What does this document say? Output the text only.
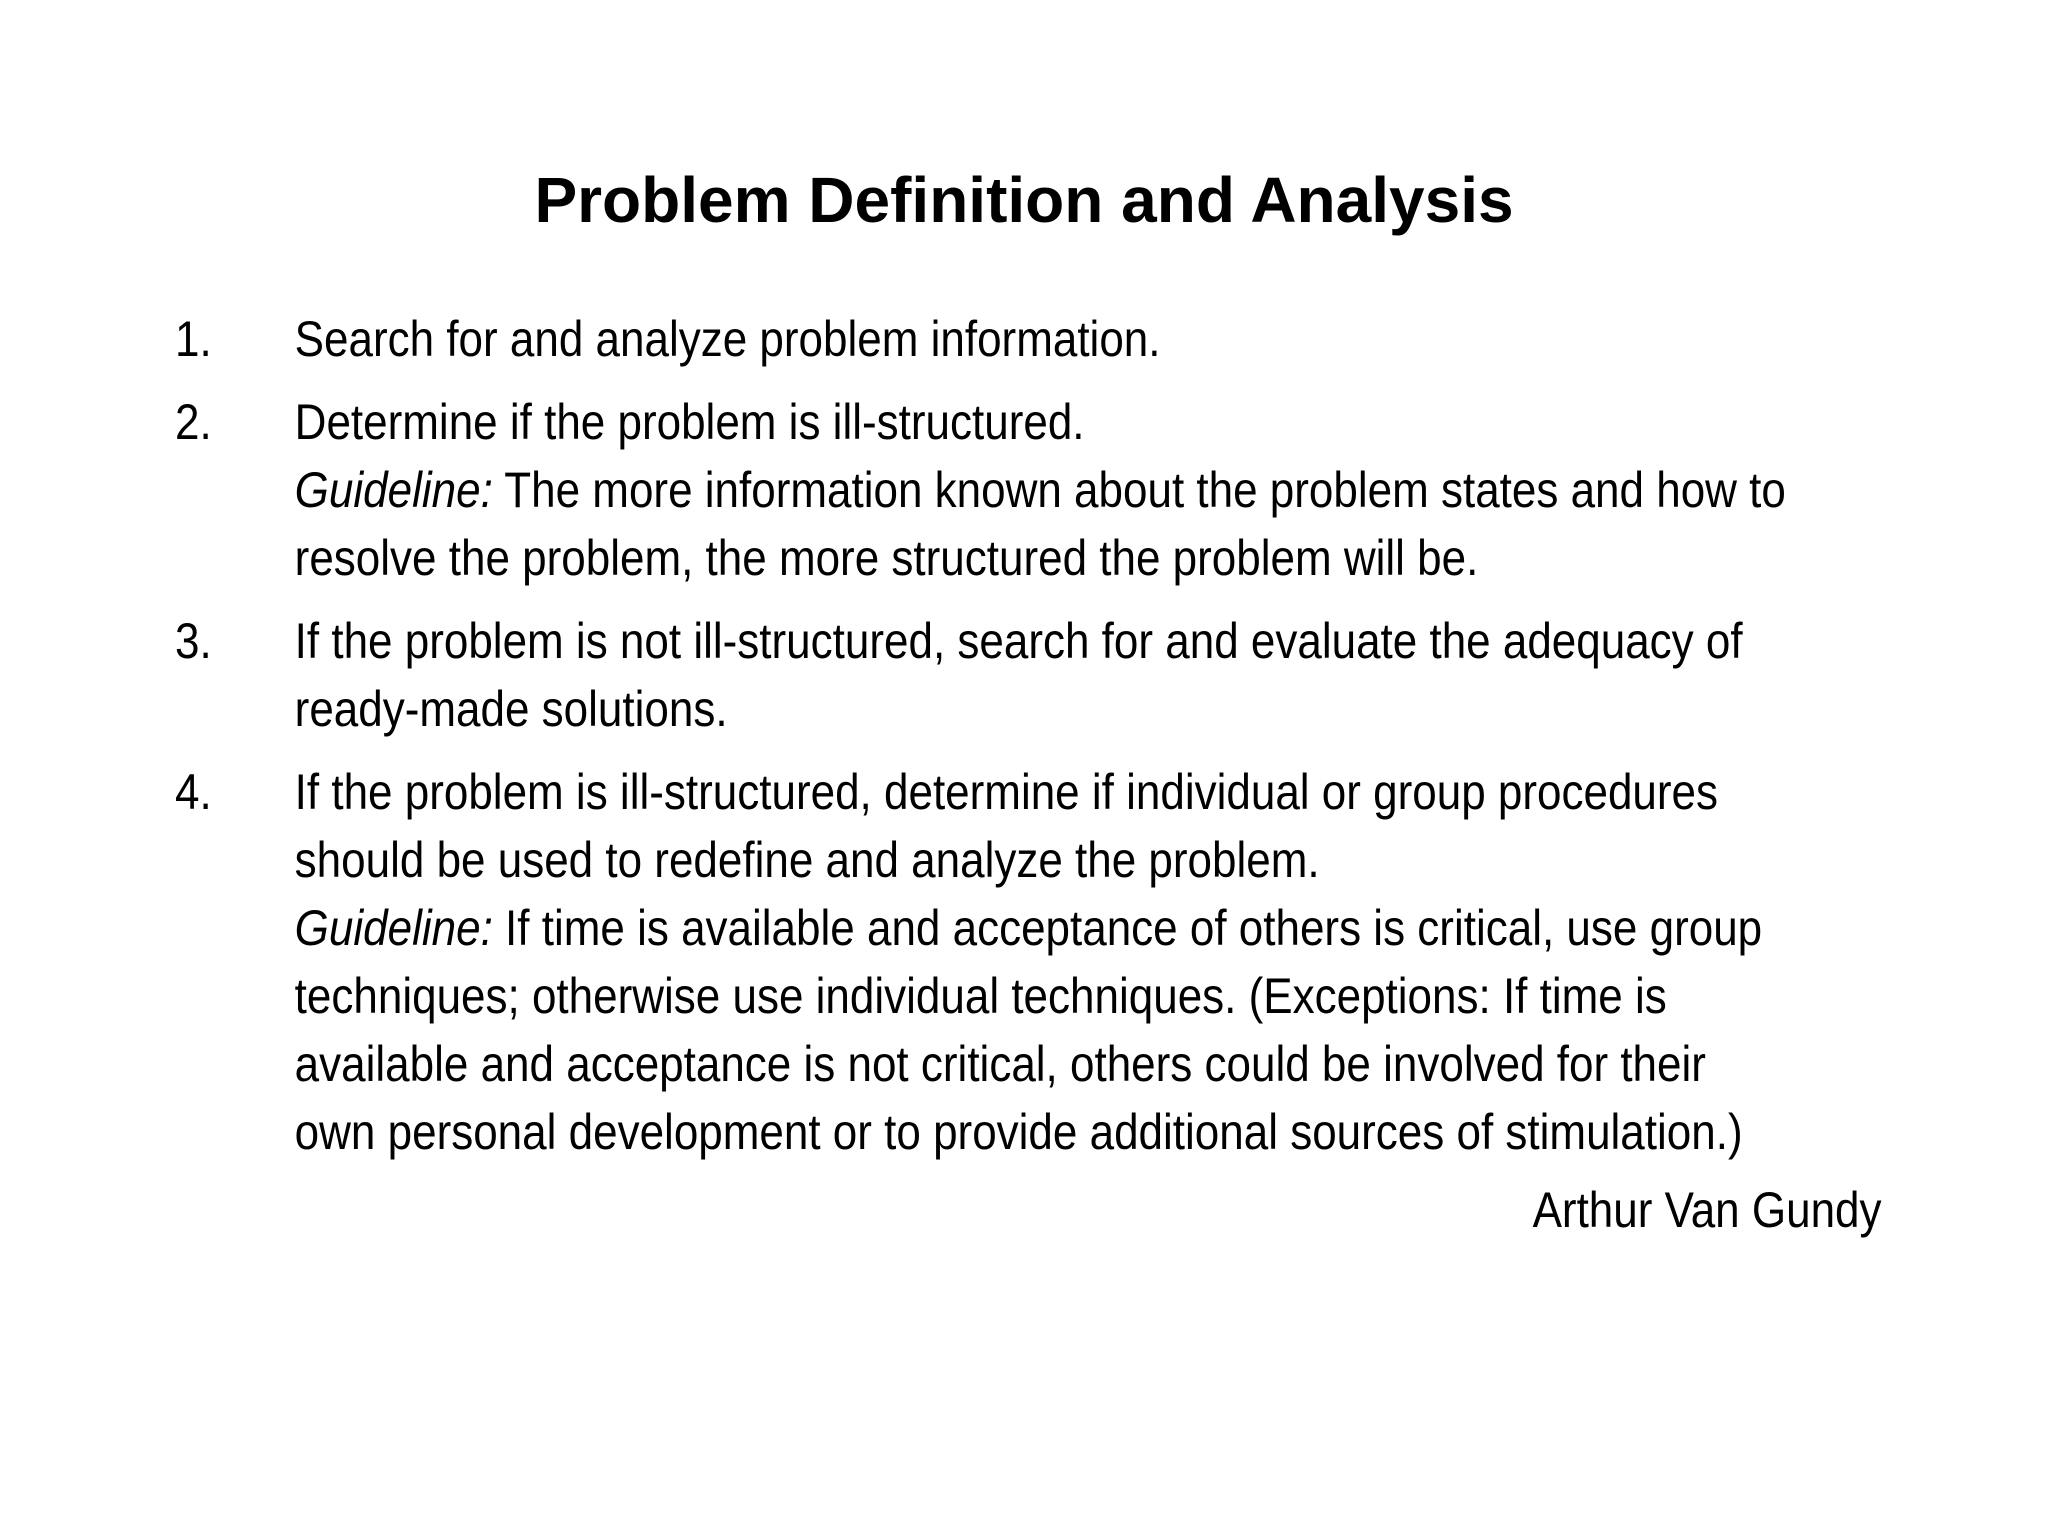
Problem Definition and Analysis
1.	Search for and analyze problem information.
2.	Determine if the problem is ill-structured.
Guideline: The more information known about the problem states and how to
resolve the problem, the more structured the problem will be.
3.	If the problem is not ill-structured, search for and evaluate the adequacy of
ready-made solutions.
4.	If the problem is ill-structured, determine if individual or group procedures
should be used to redefine and analyze the problem.
Guideline: If time is available and acceptance of others is critical, use group
techniques; otherwise use individual techniques. (Exceptions: If time is
available and acceptance is not critical, others could be involved for their
own personal development or to provide additional sources of stimulation.)

Arthur Van Gundy
